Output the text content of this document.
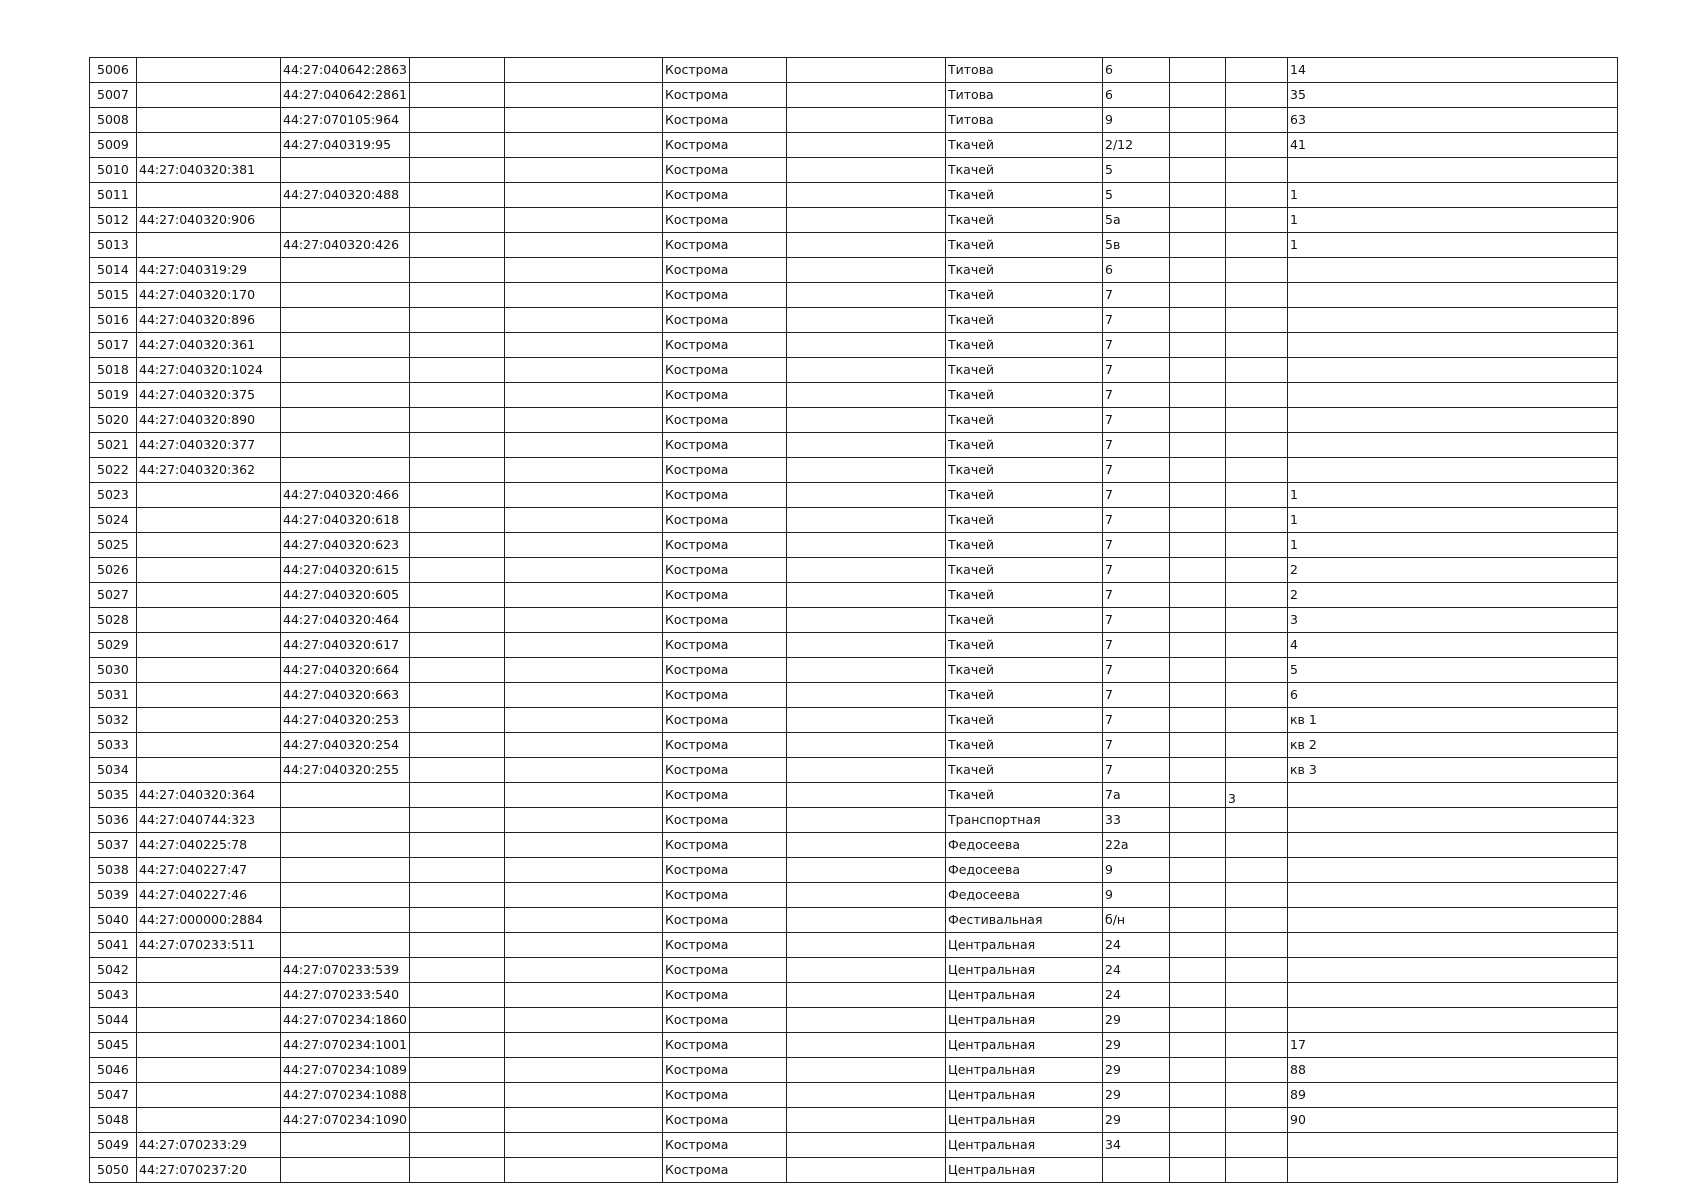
5006		44:27:040642:2863			Кострома		Титова	6			14
5007		44:27:040642:2861			Кострома		Титова	6			35
5008		44:27:070105:964			Кострома		Титова	9			63
5009		44:27:040319:95			Кострома		Ткачей	2/12			41
5010	44:27:040320:381				Кострома		Ткачей	5			
5011		44:27:040320:488			Кострома		Ткачей	5			1
5012	44:27:040320:906				Кострома		Ткачей	5а			1
5013		44:27:040320:426			Кострома		Ткачей	5в			1
5014	44:27:040319:29				Кострома		Ткачей	6			
5015	44:27:040320:170				Кострома		Ткачей	7			
5016	44:27:040320:896				Кострома		Ткачей	7			
5017	44:27:040320:361				Кострома		Ткачей	7			
5018	44:27:040320:1024				Кострома		Ткачей	7			
5019	44:27:040320:375				Кострома		Ткачей	7			
5020	44:27:040320:890				Кострома		Ткачей	7			
5021	44:27:040320:377				Кострома		Ткачей	7			
5022	44:27:040320:362				Кострома		Ткачей	7			
5023		44:27:040320:466			Кострома		Ткачей	7			1
5024		44:27:040320:618			Кострома		Ткачей	7			1
5025		44:27:040320:623			Кострома		Ткачей	7			1
5026		44:27:040320:615			Кострома		Ткачей	7			2
5027		44:27:040320:605			Кострома		Ткачей	7			2
5028		44:27:040320:464			Кострома		Ткачей	7			3
5029		44:27:040320:617			Кострома		Ткачей	7			4
5030		44:27:040320:664			Кострома		Ткачей	7			5
5031		44:27:040320:663			Кострома		Ткачей	7			6
5032		44:27:040320:253			Кострома		Ткачей	7			кв 1
5033		44:27:040320:254			Кострома		Ткачей	7			кв 2
5034		44:27:040320:255			Кострома		Ткачей	7			кв 3
5035	44:27:040320:364				Кострома		Ткачей	7а		3	
5036	44:27:040744:323				Кострома		Транспортная	33			
5037	44:27:040225:78				Кострома		Федосеева	22а			
5038	44:27:040227:47				Кострома		Федосеева	9			
5039	44:27:040227:46				Кострома		Федосеева	9			
5040	44:27:000000:2884				Кострома		Фестивальная	б/н			
5041	44:27:070233:511				Кострома		Центральная	24			
5042		44:27:070233:539			Кострома		Центральная	24			
5043		44:27:070233:540			Кострома		Центральная	24			
5044		44:27:070234:1860			Кострома		Центральная	29			
5045		44:27:070234:1001			Кострома		Центральная	29			17
5046		44:27:070234:1089			Кострома		Центральная	29			88
5047		44:27:070234:1088			Кострома		Центральная	29			89
5048		44:27:070234:1090			Кострома		Центральная	29			90
5049	44:27:070233:29				Кострома		Центральная	34			
5050	44:27:070237:20				Кострома		Центральная				
